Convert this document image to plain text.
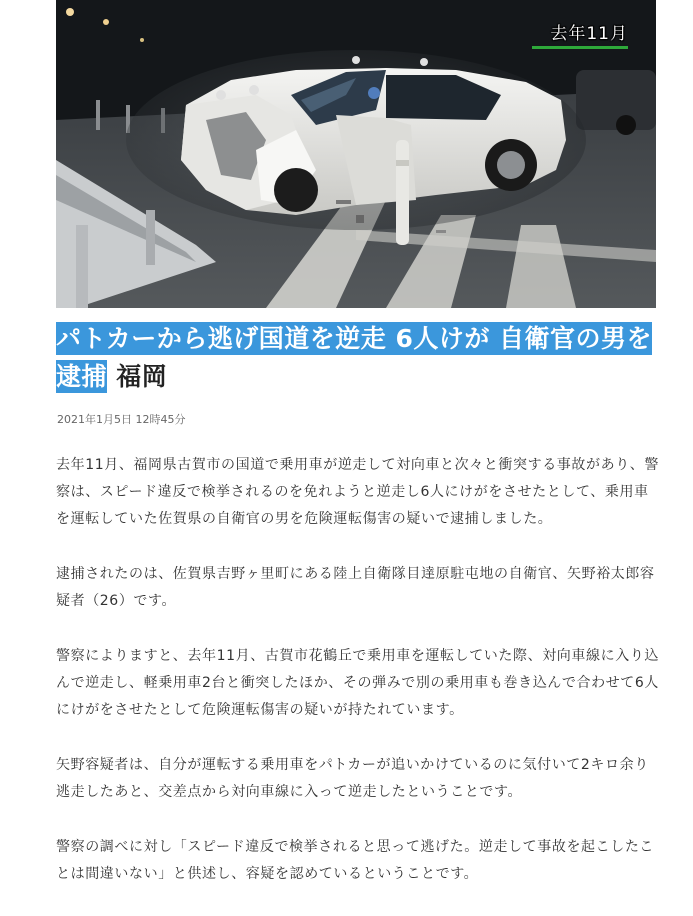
去年11月
パトカーから逃げ国道を逆走 6人けが 自衛官の男を逮捕 福岡
2021年1月5日 12時45分

去年11月、福岡県古賀市の国道で乗用車が逆走して対向車と次々と衝突する事故があり、警察は、スピード違反で検挙されるのを免れようと逆走し6人にけがをさせたとして、乗用車を運転していた佐賀県の自衛官の男を危険運転傷害の疑いで逮捕しました。

逮捕されたのは、佐賀県吉野ヶ里町にある陸上自衛隊目達原駐屯地の自衛官、矢野裕太郎容疑者（26）です。

警察によりますと、去年11月、古賀市花鶴丘で乗用車を運転していた際、対向車線に入り込んで逆走し、軽乗用車2台と衝突したほか、その弾みで別の乗用車も巻き込んで合わせて6人にけがをさせたとして危険運転傷害の疑いが持たれています。

矢野容疑者は、自分が運転する乗用車をパトカーが追いかけているのに気付いて2キロ余り逃走したあと、交差点から対向車線に入って逆走したということです。

警察の調べに対し「スピード違反で検挙されると思って逃げた。逆走して事故を起こしたことは間違いない」と供述し、容疑を認めているということです。
